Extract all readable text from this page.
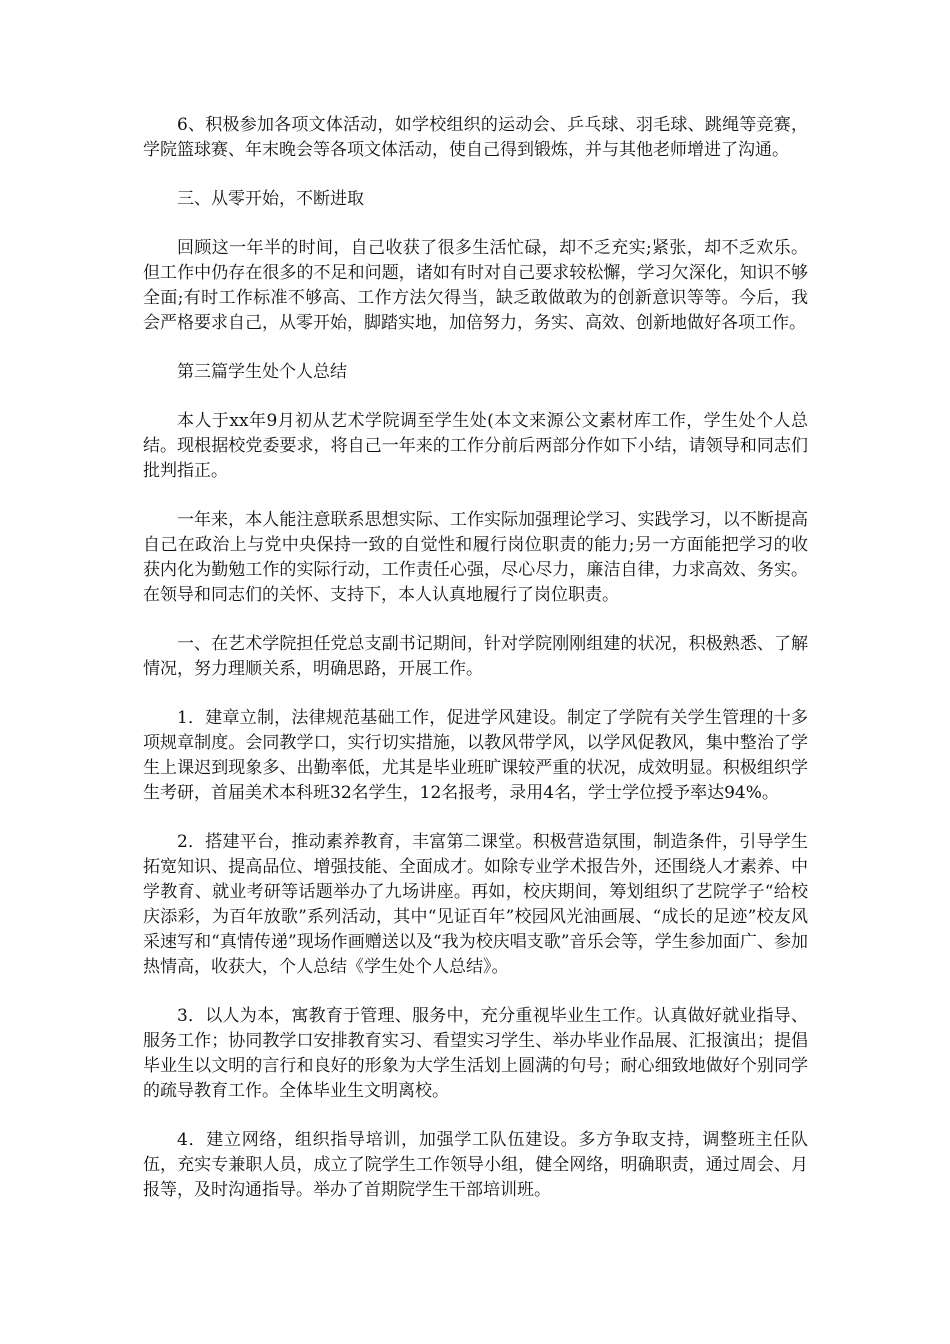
6、积极参加各项文体活动，如学校组织的运动会、乒乓球、羽毛球、跳绳等竞赛，学院篮球赛、年末晚会等各项文体活动，使自己得到锻炼，并与其他老师增进了沟通。

三、从零开始，不断进取

回顾这一年半的时间，自己收获了很多生活忙碌，却不乏充实;紧张，却不乏欢乐。但工作中仍存在很多的不足和问题，诸如有时对自己要求较松懈，学习欠深化，知识不够全面;有时工作标准不够高、工作方法欠得当，缺乏敢做敢为的创新意识等等。今后，我会严格要求自己，从零开始，脚踏实地，加倍努力，务实、高效、创新地做好各项工作。

第三篇学生处个人总结

本人于xx年9月初从艺术学院调至学生处(本文来源公文素材库工作，学生处个人总结。现根据校党委要求，将自己一年来的工作分前后两部分作如下小结，请领导和同志们批判指正。

一年来，本人能注意联系思想实际、工作实际加强理论学习、实践学习，以不断提高自己在政治上与党中央保持一致的自觉性和履行岗位职责的能力;另一方面能把学习的收获内化为勤勉工作的实际行动，工作责任心强，尽心尽力，廉洁自律，力求高效、务实。在领导和同志们的关怀、支持下，本人认真地履行了岗位职责。

一、在艺术学院担任党总支副书记期间，针对学院刚刚组建的状况，积极熟悉、了解情况，努力理顺关系，明确思路，开展工作。

1．建章立制，法律规范基础工作，促进学风建设。制定了学院有关学生管理的十多项规章制度。会同教学口，实行切实措施，以教风带学风，以学风促教风，集中整治了学生上课迟到现象多、出勤率低，尤其是毕业班旷课较严重的状况，成效明显。积极组织学生考研，首届美术本科班32名学生，12名报考，录用4名，学士学位授予率达94%。

2．搭建平台，推动素养教育，丰富第二课堂。积极营造氛围，制造条件，引导学生拓宽知识、提高品位、增强技能、全面成才。如除专业学术报告外，还围绕人才素养、中学教育、就业考研等话题举办了九场讲座。再如，校庆期间，筹划组织了艺院学子“给校庆添彩，为百年放歌”系列活动，其中“见证百年”校园风光油画展、“成长的足迹”校友风采速写和“真情传递”现场作画赠送以及“我为校庆唱支歌”音乐会等，学生参加面广、参加热情高，收获大，个人总结《学生处个人总结》。

3．以人为本，寓教育于管理、服务中，充分重视毕业生工作。认真做好就业指导、服务工作；协同教学口安排教育实习、看望实习学生、举办毕业作品展、汇报演出；提倡毕业生以文明的言行和良好的形象为大学生活划上圆满的句号；耐心细致地做好个别同学的疏导教育工作。全体毕业生文明离校。

4．建立网络，组织指导培训，加强学工队伍建设。多方争取支持，调整班主任队伍，充实专兼职人员，成立了院学生工作领导小组，健全网络，明确职责，通过周会、月报等，及时沟通指导。举办了首期院学生干部培训班。
